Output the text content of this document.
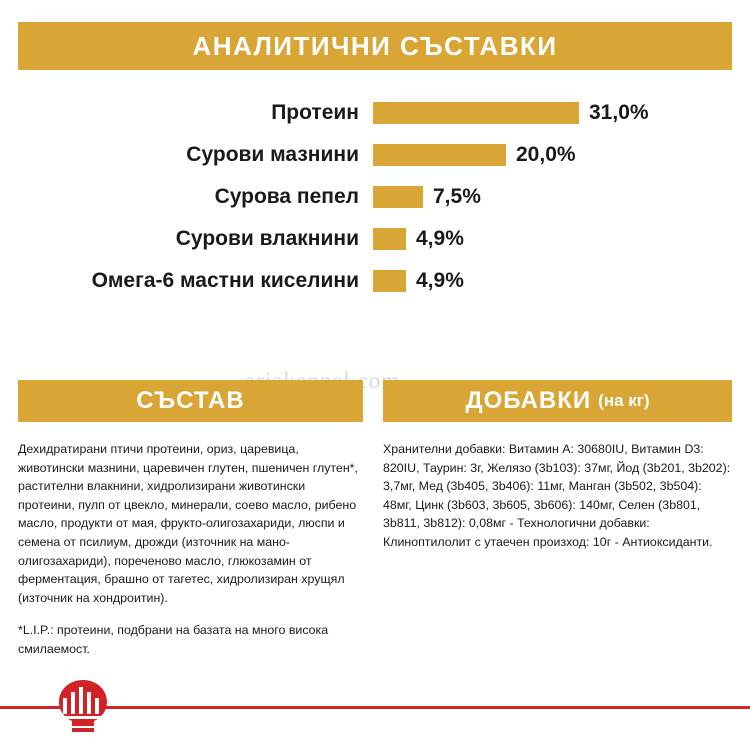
АНАЛИТИЧНИ СЪСТАВКИ
Протеин	31,0%
Сурови мазнини	20,0%
Сурова пепел	7,5%
Сурови влакнини	4,9%
Омега-6 мастни киселини	4,9%
СЪСТАВ

Дехидратирани птичи протеини, ориз, царевица, животински мазнини, царевичен глутен, пшеничен глутен*, растителни влакнини, хидролизирани животински протеини, пулп от цвекло, минерали, соево масло, рибено масло, продукти от мая, фрукто-олигозахариди, люспи и семена от псилиум, дрожди (източник на мано-олигозахариди), пореченово масло, глюкозамин от ферментация, брашно от тагетес, хидролизиран хрущял (източник на хондроитин).

*L.I.P.: протеини, подбрани на базата на много висока смилаемост.

ДОБАВКИ (на кг)

Хранителни добавки: Витамин A: 30680IU, Витамин D3: 820IU, Таурин: 3г, Желязо (3b103): 37мг, Йод (3b201, 3b202): 3,7мг, Мед (3b405, 3b406): 11мг, Манган (3b502, 3b504): 48мг, Цинк (3b603, 3b605, 3b606): 140мг, Селен (3b801, 3b811, 3b812): 0,08мг - Технологични добавки: Клиноптилолит с утаечен произход: 10г - Антиоксиданти.
